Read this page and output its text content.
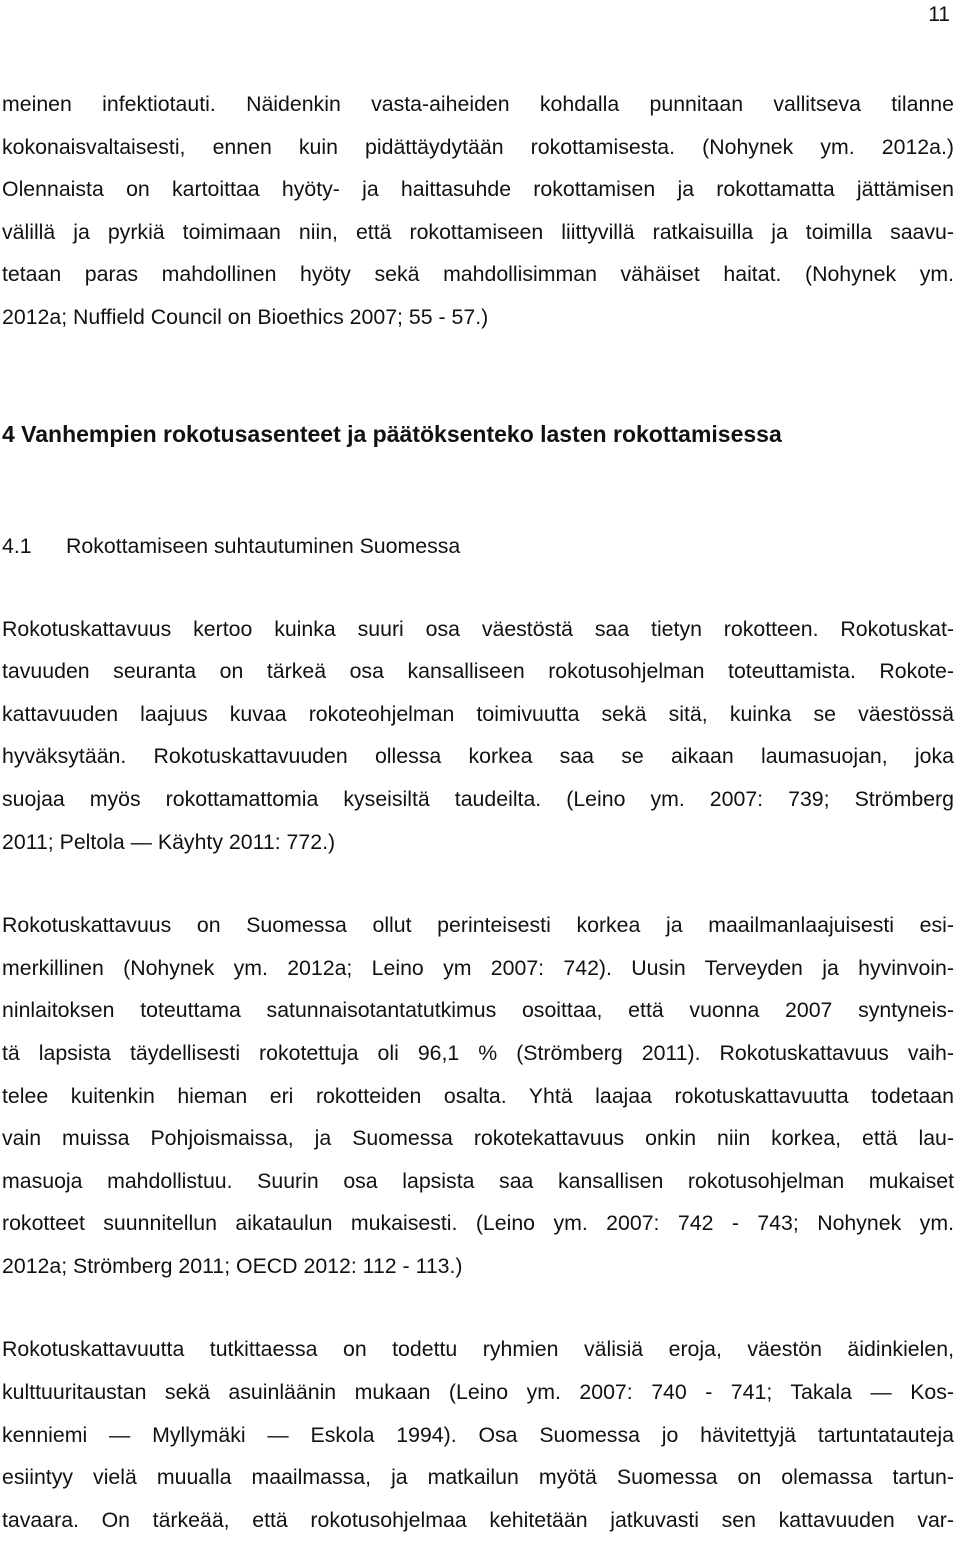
11
meinen infektiotauti. Näidenkin vasta-aiheiden kohdalla punnitaan vallitseva tilanne
kokonaisvaltaisesti, ennen kuin pidättäydytään rokottamisesta. (Nohynek ym. 2012a.)
Olennaista on kartoittaa hyöty- ja haittasuhde rokottamisen ja rokottamatta jättämisen
välillä ja pyrkiä toimimaan niin, että rokottamiseen liittyvillä ratkaisuilla ja toimilla saavu-
tetaan paras mahdollinen hyöty sekä mahdollisimman vähäiset haitat. (Nohynek ym.
2012a; Nuffield Council on Bioethics 2007; 55 - 57.)
4 Vanhempien rokotusasenteet ja päätöksenteko lasten rokottamisessa
4.1 Rokottamiseen suhtautuminen Suomessa
Rokotuskattavuus kertoo kuinka suuri osa väestöstä saa tietyn rokotteen. Rokotuskat-
tavuuden seuranta on tärkeä osa kansalliseen rokotusohjelman toteuttamista. Rokote-
kattavuuden laajuus kuvaa rokoteohjelman toimivuutta sekä sitä, kuinka se väestössä
hyväksytään. Rokotuskattavuuden ollessa korkea saa se aikaan laumasuojan, joka
suojaa myös rokottamattomia kyseisiltä taudeilta. (Leino ym. 2007: 739; Strömberg
2011; Peltola — Käyhty 2011: 772.)
Rokotuskattavuus on Suomessa ollut perinteisesti korkea ja maailmanlaajuisesti esi-
merkillinen (Nohynek ym. 2012a; Leino ym 2007: 742). Uusin Terveyden ja hyvinvoin-
ninlaitoksen toteuttama satunnaisotantatutkimus osoittaa, että vuonna 2007 syntyneis-
tä lapsista täydellisesti rokotettuja oli 96,1 % (Strömberg 2011). Rokotuskattavuus vaih-
telee kuitenkin hieman eri rokotteiden osalta. Yhtä laajaa rokotuskattavuutta todetaan
vain muissa Pohjoismaissa, ja Suomessa rokotekattavuus onkin niin korkea, että lau-
masuoja mahdollistuu. Suurin osa lapsista saa kansallisen rokotusohjelman mukaiset
rokotteet suunnitellun aikataulun mukaisesti. (Leino ym. 2007: 742 - 743; Nohynek ym.
2012a; Strömberg 2011; OECD 2012: 112 - 113.)
Rokotuskattavuutta tutkittaessa on todettu ryhmien välisiä eroja, väestön äidinkielen,
kulttuuritaustan sekä asuinläänin mukaan (Leino ym. 2007: 740 - 741; Takala — Kos-
kenniemi — Myllymäki — Eskola 1994). Osa Suomessa jo hävitettyjä tartuntatauteja
esiintyy vielä muualla maailmassa, ja matkailun myötä Suomessa on olemassa tartun-
tavaara. On tärkeää, että rokotusohjelmaa kehitetään jatkuvasti sen kattavuuden var-
